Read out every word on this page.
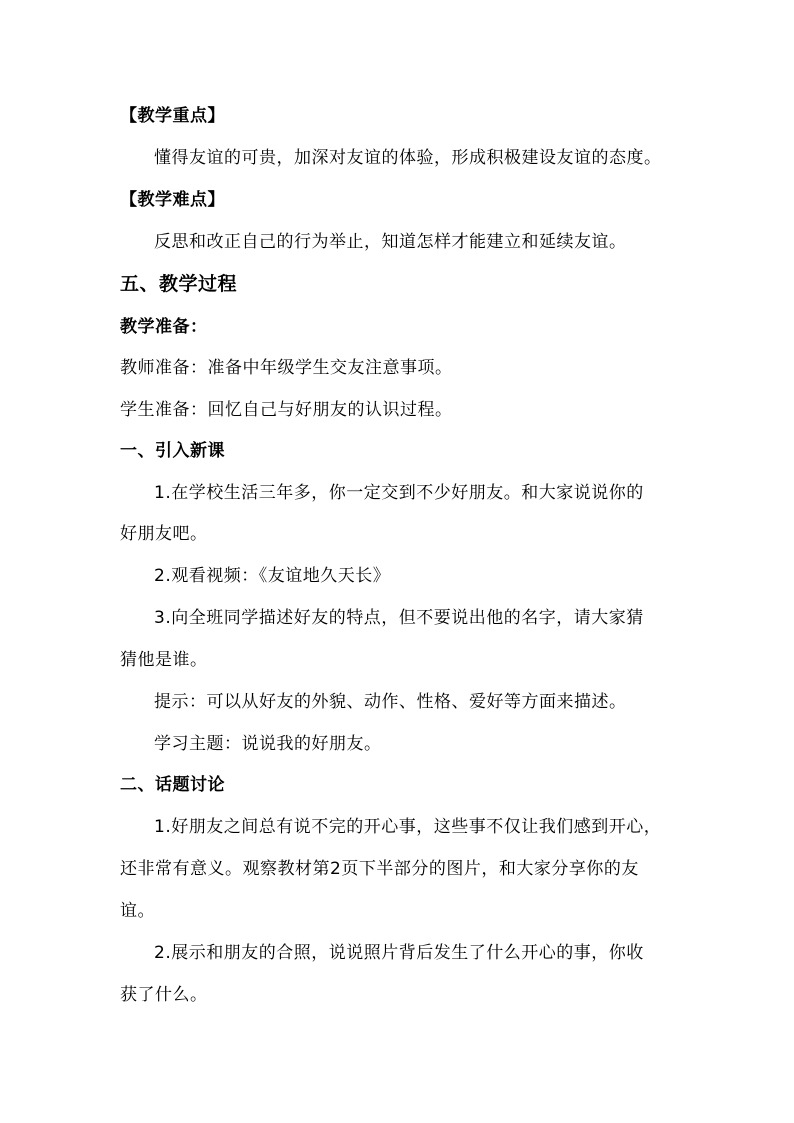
【教学重点】

懂得友谊的可贵，加深对友谊的体验，形成积极建设友谊的态度。

【教学难点】

反思和改正自己的行为举止，知道怎样才能建立和延续友谊。

五、教学过程

教学准备：

教师准备：准备中年级学生交友注意事项。

学生准备：回忆自己与好朋友的认识过程。

一、引入新课

1.在学校生活三年多，你一定交到不少好朋友。和大家说说你的

好朋友吧。

2.观看视频：《友谊地久天长》

3.向全班同学描述好友的特点，但不要说出他的名字，请大家猜

猜他是谁。

提示：可以从好友的外貌、动作、性格、爱好等方面来描述。

学习主题：说说我的好朋友。

二、话题讨论

1.好朋友之间总有说不完的开心事，这些事不仅让我们感到开心，

还非常有意义。观察教材第2页下半部分的图片，和大家分享你的友

谊。

2.展示和朋友的合照，说说照片背后发生了什么开心的事，你收

获了什么。
